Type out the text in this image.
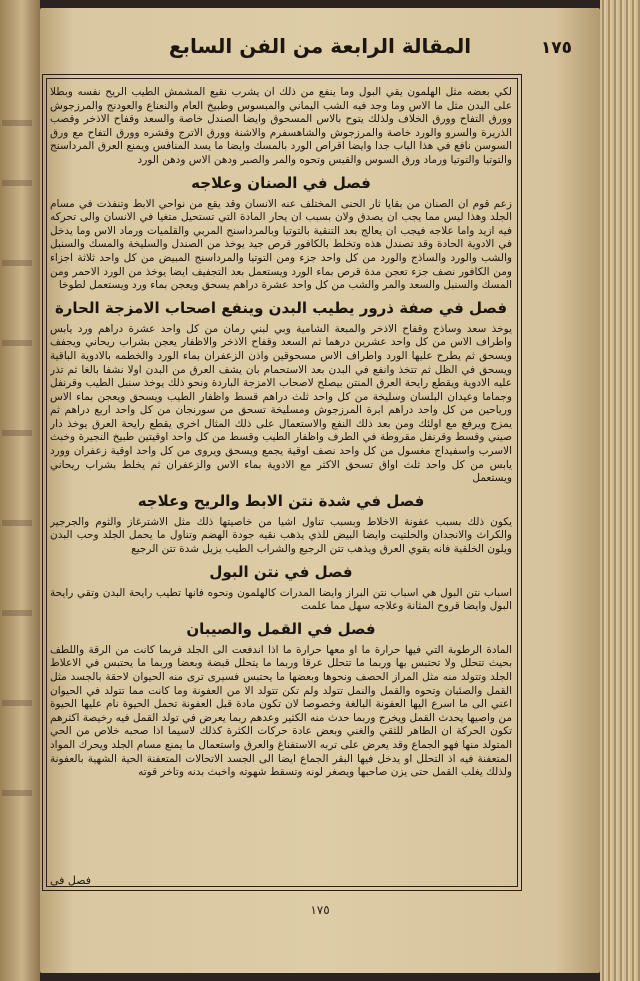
١٧٥
المقالة الرابعة من الفن السابع

لكي بعضه مثل الهلمون يقي البول وما ينفع من ذلك ان يشرب نقيع المشمش الطيب الريح نفسه وبطلا على البدن مثل ما الاس وما وجد فيه الشب اليماني والمبسوس وطبيخ العام والنعناع والعودنج والمرزجوش وورق التفاح وورق الخلاف ولذلك يتوح بالاس المسحوق وايضا الصندل خاصة والسعد وقفاح الاذخر وقصب الذريرة والسرو والورد خاصة والمرزجوش والشاهسفرم والاشنة وورق الاترج وقشره وورق التفاح مع ورق السوسن نافع في هذا الباب جدا وايضا اقراص الورد بالمسك وايضا ما يسد المنافس ويمنع العرق المرداسنج والتوتيا والتوتيا ورماد ورق السوس والقيس وتحوه والمر والصبر ودهن الاس ودهن الورد

فصل في الصنان وعلاجه

زعم قوم ان الصنان من بقايا ثار الحنى المختلف عنه الانسان وقد يقع من نواحي الابط وتنفذت في مسام الجلد وهذا ليس مما يجب ان يصدق ولان بسبب ان يحار المادة التي تستحيل متغيا في الانسان والى تحركه فيه ازيد واما علاجه فيجب ان يعالج بعد التنقية بالتوتيا وبالمرداسنج المربي والقلميات ورماد الاس وما يدخل في الادوية الحادة وقد تصندل هذه وتخلط بالكافور قرص جيد يوخذ من الصندل والسليخة والمسك والسنبل والشب والورد والساذج والورد من كل واحد جزء ومن التوتيا والمرداسنج المبيض من كل واحد ثلاثة اجزاء ومن الكافور نصف جزء تعجن مدة قرص بماء الورد ويستعمل بعد التجفيف ايضا يوخذ من الورد الاحمر ومن المسك والسنبل والسعد والمر والشب من كل واحد عشرة دراهم يسحق ويعجن بماء ورد ويستعمل لطوخا

فصل في صفة ذرور يطيب البدن وينفع اصحاب الامزجة الحارة

يوخذ سعد وساذج وقفاح الاذخر والمبعة الشامية وبي لبني رمان من كل واحد عشرة دراهم ورد يابس واطراف الاس من كل واحد عشرين درهما ثم السعد وقفاح الاذخر والاظفار يعجن بشراب ريحاني ويجفف ويسحق ثم يطرح عليها الورد واطراف الاس مسحوقين واذن الزعفران بماء الورد والخطمه بالادوية الباقية ويسحق في الظل ثم تتخذ وانفع في البدن بعد الاستحمام بان يشف العرق من البدن اولا نشفا بالغا ثم تذر عليه الادوية ويقطع رايحة العرق المنتن بيصلح لاصحاب الامزجة الباردة ونحو ذلك يوخذ سنبل الطيب وقرنفل وجماما وعيدان البلسان وسليخة من كل واحد ثلث دراهم قسط واظفار الطيب ويسحق ويعجن بماء الاس ورياحين من كل واحد دراهم ابرة المرزجوش ومسليخة تسحق من سورنجان من كل واحد اربع دراهم ثم يمزج ويرفع مع اولئك ومن بعد ذلك النفع والاستعمال على ذلك المثال اخرى يقطع رايحة العرق يوخذ دار صيني وقسط وقرنفل مقروطة في الطرف واظفار الطيب وقسط من كل واحد اوقيتين طبيخ النجيرة وخبث الاسرب واسفيداج مغسول من كل واحد نصف اوقية يجمع ويسحق ويروى من كل واحد اوقية زعفران وورد يابس من كل واحد ثلث اواق تسحق الاكثر مع الادوية بماء الاس والزعفران ثم يخلط بشراب ريحاني ويستعمل

فصل في شدة نتن الابط والريح وعلاجه

يكون ذلك بسبب عفونة الاخلاط وبسبب تناول اشيا من خاصيتها ذلك مثل الاشترغاز والثوم والجرجير والكراث والانجدان والحلتيت وايضا البيض للذي يذهب نقيه جودة الهضم وتناول ما يحمل الجلد وحب البدن ويلون الخلقية فانه يقوي العرق ويذهب تتن الرجيع والشراب الطيب يزيل شدة تتن الرجيع

فصل في نتن البول

اسباب نتن البول هي اسباب نتن البراز وايضا المدرات كالهلمون ونحوه فانها تطيب رايحة البدن وتقي رايحة البول وايضا قروح المثانة وعلاجه سهل مما علمت

فصل في القمل والصيبان

المادة الرطوبة التي فيها حرارة ما او معها حرارة ما اذا اندفعت الى الجلد فربما كانت من الرقة واللطف بحيث تتحلل ولا تحتبس بها وربما ما تتحلل عرقا وربما ما يتحلل قبضة وبعضا وربما ما يحتبس في الاعلاط الجلد وتتولد منه مثل المراز الحصف ونحوها وبعضها ما يحتبس فسيرى ترى منه الحيوان لاحقة بالجسد مثل القمل والصئبان وتحوه والقمل والنمل تتولد ولم تكن تتولد الا من العفونة وما كانت مما تتولد في الحيوان اعني الى ما اسرع اليها العفونة البالغة وخصوصا لان تكون مادة قبل العفونة تحمل الحيوة نام عليها الحيوة من واصيها يحدث القمل ويخرج وربما حدث منه الكثير وعدهم ربما يعرض في تولد القمل فيه رخيصة اكثرهم تكون الحركة ان الطاهر للثقي والغني وبعض عادة حركات الكثرة كذلك لاسيما اذا صحبه خلاص من الحي المتولد منها فهو الجماع وقد يعرض على تربه الاستفناغ والعرق واستعمال ما يمنع مسام الجلد ويحرك المواد المتعفنة فيه اذ التحلل او يدخل فيها البقر الجماع ايضا الى الجسد الاتحالات المتعفنة الحية الشهية بالعفونة ولذلك يغلب القمل حتى يزن صاحبها ويصغر لونه وتسقط شهوته واخبث بدنه وتاخر قوته

فصل في
١٧٥
